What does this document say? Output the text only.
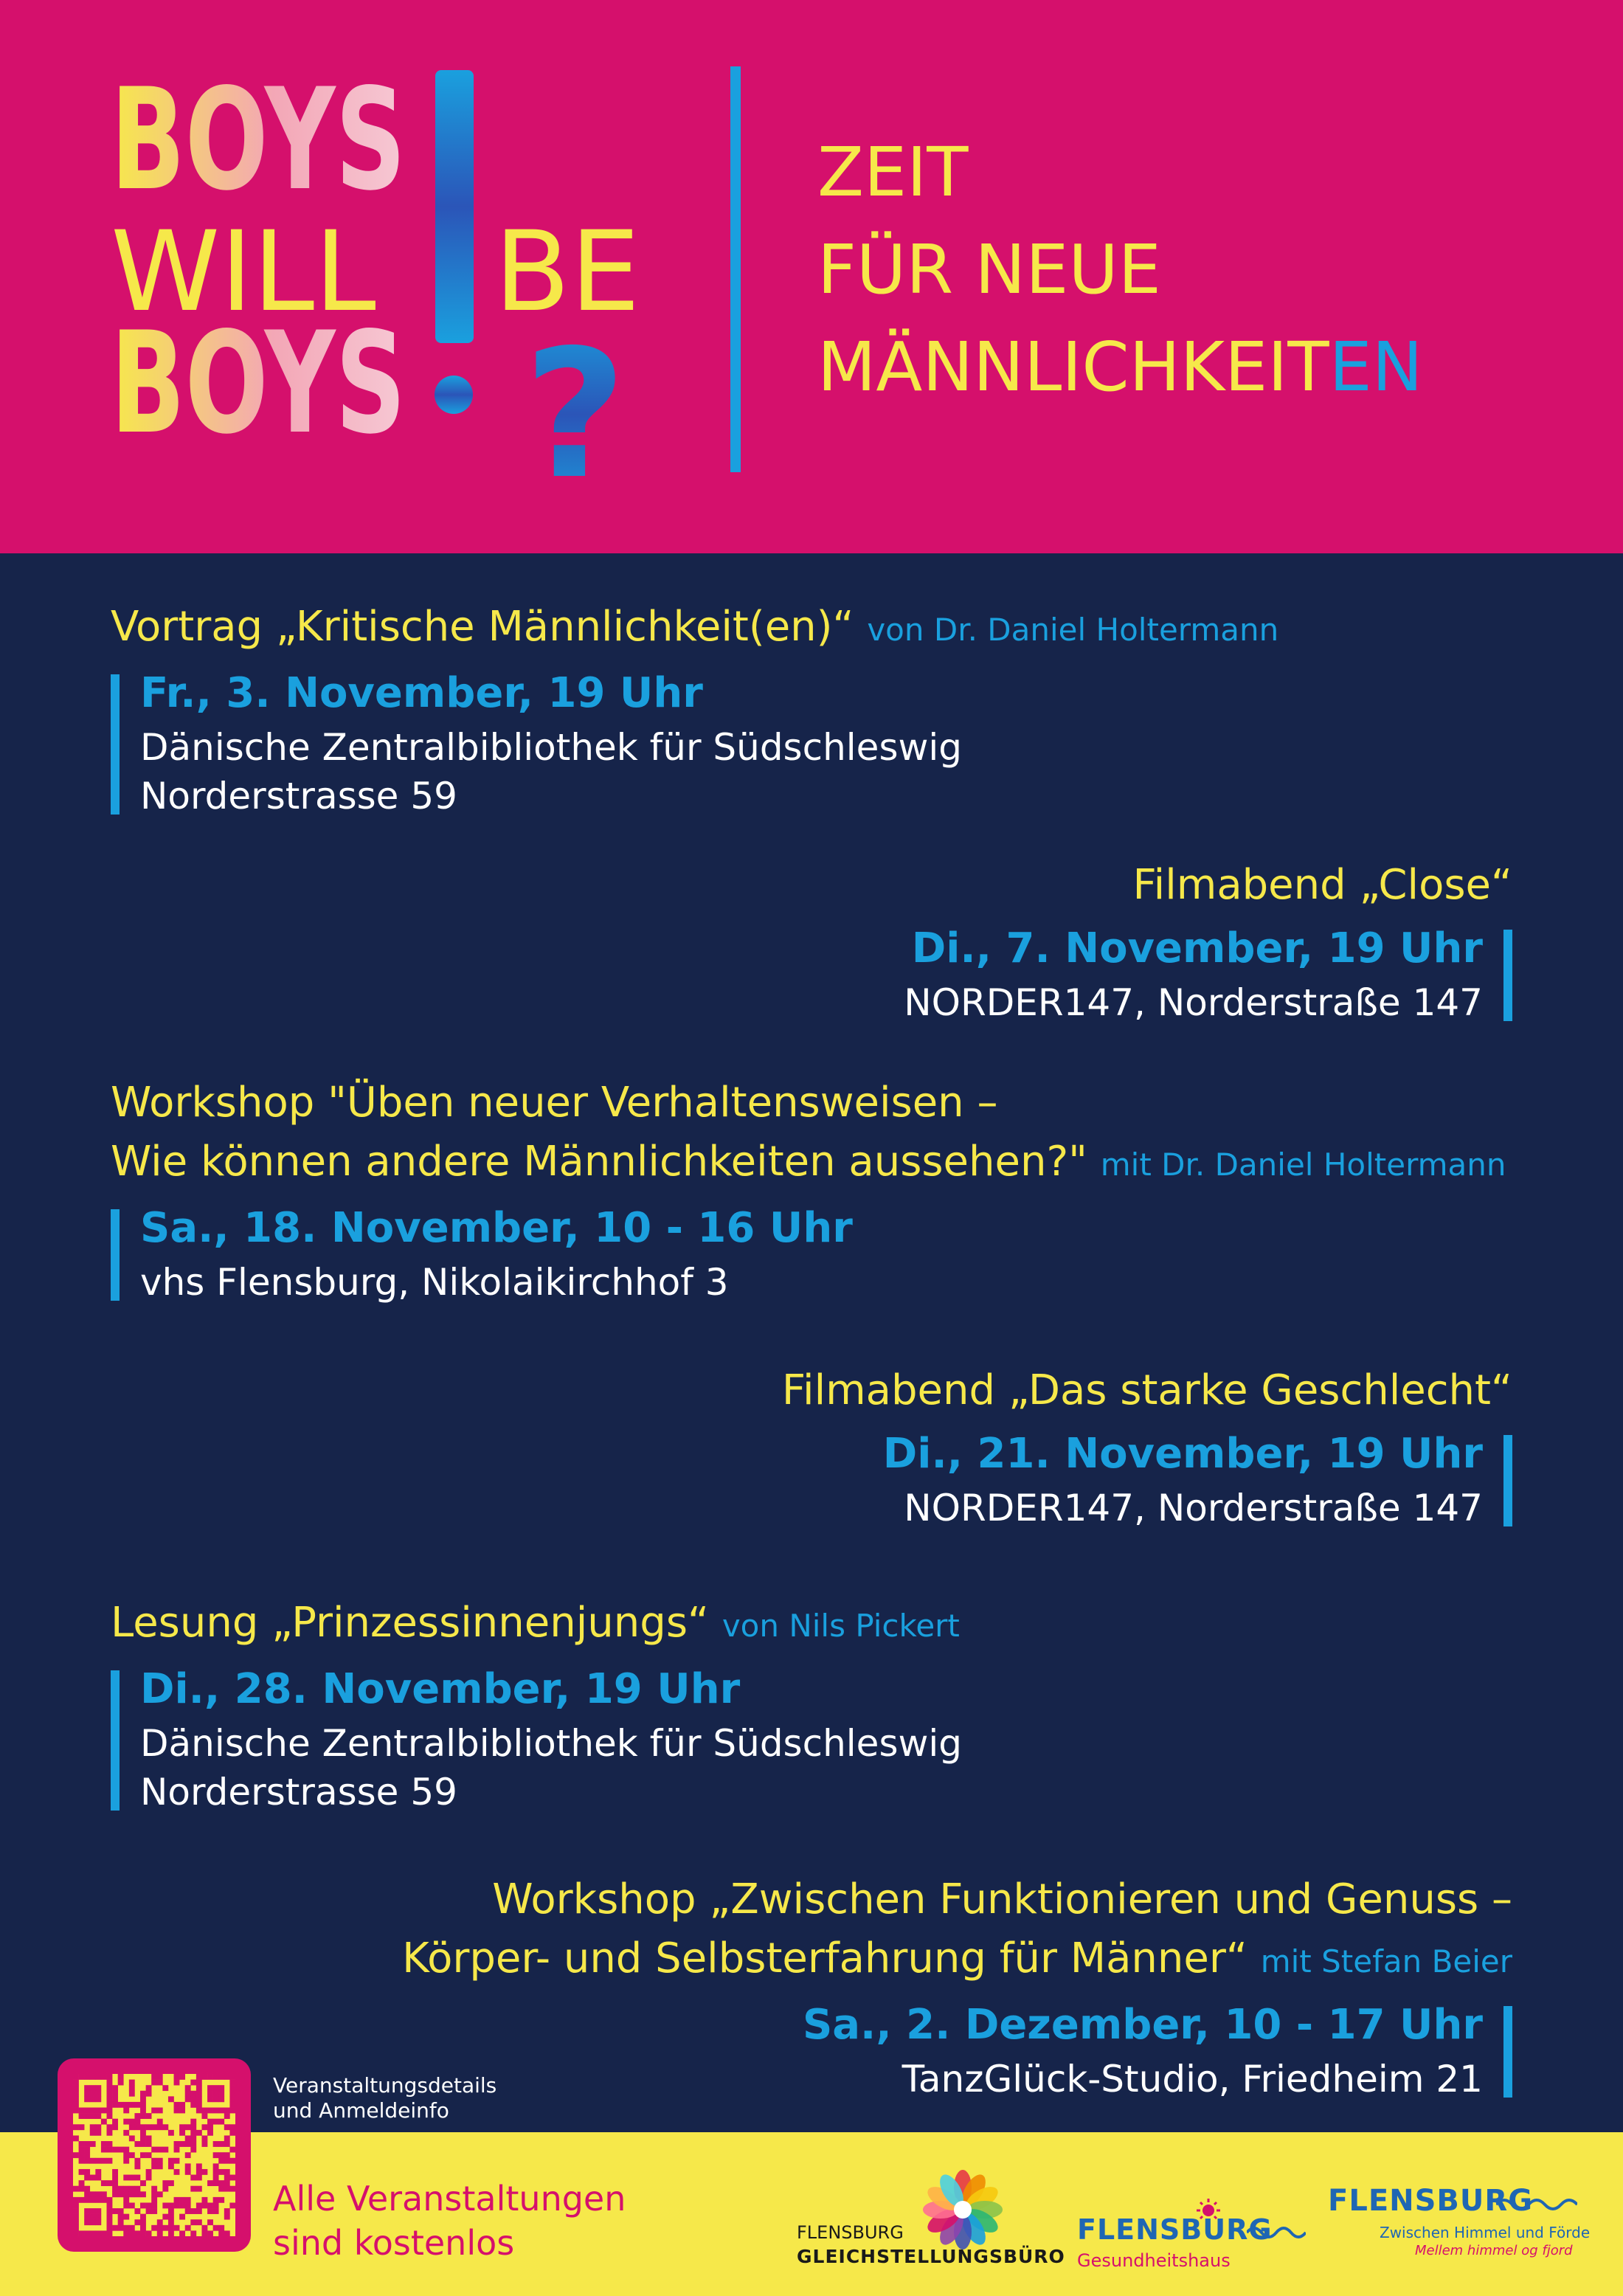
BOYS
WILL BE
BOYS ?
ZEIT
FÜR NEUE
MÄNNLICHKEITEN
Vortrag „Kritische Männlichkeit(en)“ von Dr. Daniel Holtermann
Fr., 3. November, 19 Uhr
Dänische Zentralbibliothek für Südschleswig
Norderstrasse 59
Filmabend „Close“
Di., 7. November, 19 Uhr
NORDER147, Norderstraße 147
Workshop "Üben neuer Verhaltensweisen –
Wie können andere Männlichkeiten aussehen?" mit Dr. Daniel Holtermann
Sa., 18. November, 10 - 16 Uhr
vhs Flensburg, Nikolaikirchhof 3
Filmabend „Das starke Geschlecht“
Di., 21. November, 19 Uhr
NORDER147, Norderstraße 147
Lesung „Prinzessinnenjungs“ von Nils Pickert
Di., 28. November, 19 Uhr
Dänische Zentralbibliothek für Südschleswig
Norderstrasse 59
Workshop „Zwischen Funktionieren und Genuss –
Körper- und Selbsterfahrung für Männer“ mit Stefan Beier
Sa., 2. Dezember, 10 - 17 Uhr
TanzGlück-Studio, Friedheim 21
Veranstaltungsdetails
und Anmeldeinfo
Alle Veranstaltungen
sind kostenlos	FLENSBURG
GLEICHSTELLUNGSBÜRO
FLENSBURG
Gesundheitshaus
FLENSBURG
Zwischen Himmel und Förde
Mellem himmel og fjord
